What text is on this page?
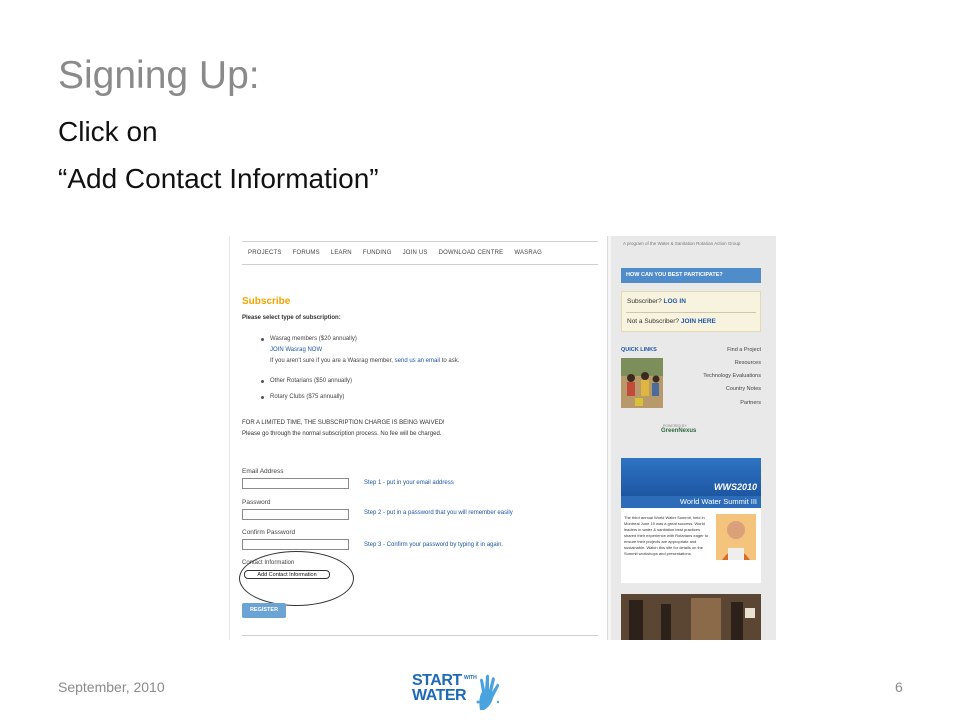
Signing Up:
Click on
“Add Contact Information”
PROJECTS FORUMS LEARN FUNDING JOIN US DOWNLOAD CENTRE WASRAG
Subscribe
Please select type of subscription:
Wasrag members ($20 annually)
JOIN Wasrag NOW
If you aren't sure if you are a Wasrag member, send us an email to ask.
Other Rotarians ($50 annually)
Rotary Clubs ($75 annually)
FOR A LIMITED TIME, THE SUBSCRIPTION CHARGE IS BEING WAIVED!
Please go through the normal subscription process. No fee will be charged.
Email Address
Step 1 - put in your email address
Password
Step 2 - put in a password that you will remember easily
Confirm Password
Step 3 - Confirm your password by typing it in again.
Contact Information
Add Contact Information
REGISTER
A program of the Water & Sanitation Rotarian Action Group
HOW CAN YOU BEST PARTICIPATE?
Subscriber? LOG IN
Not a Subscriber? JOIN HERE
QUICK LINKS	Find a Project
Resources
Technology Evaluations
Country Notes
Partners
POWERED BY
GreenNexus
WWS2010
World Water Summit III
The third annual World Water Summit, held in Montreal June 19 was a great success. World leaders in water & sanitation best practices shared their experience with Rotarians eager to ensure their projects are appropriate and sustainable. Watch this site for details on the Summit workshops and presentations.
September, 2010	START WITH
WATER	6
